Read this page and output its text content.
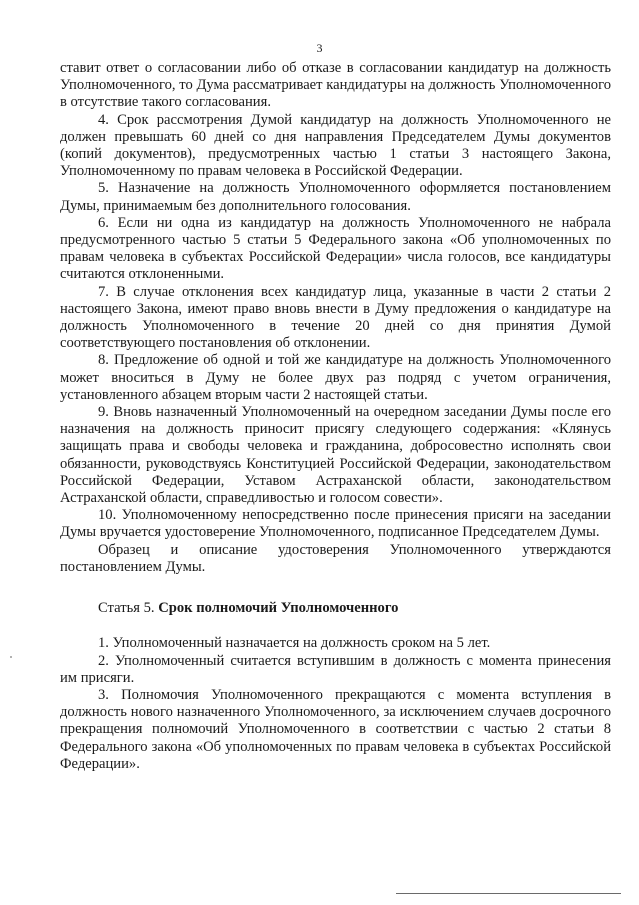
3

ставит ответ о согласовании либо об отказе в согласовании кандидатур на должность Уполномоченного, то Дума рассматривает кандидатуры на должность Уполномоченного в отсутствие такого согласования.

4. Срок рассмотрения Думой кандидатур на должность Уполномоченного не должен превышать 60 дней со дня направления Председателем Думы документов (копий документов), предусмотренных частью 1 статьи 3 настоящего Закона, Уполномоченному по правам человека в Российской Федерации.

5. Назначение на должность Уполномоченного оформляется постановлением Думы, принимаемым без дополнительного голосования.

6. Если ни одна из кандидатур на должность Уполномоченного не набрала предусмотренного частью 5 статьи 5 Федерального закона «Об уполномоченных по правам человека в субъектах Российской Федерации» числа голосов, все кандидатуры считаются отклоненными.

7. В случае отклонения всех кандидатур лица, указанные в части 2 статьи 2 настоящего Закона, имеют право вновь внести в Думу предложения о кандидатуре на должность Уполномоченного в течение 20 дней со дня принятия Думой соответствующего постановления об отклонении.

8. Предложение об одной и той же кандидатуре на должность Уполномоченного может вноситься в Думу не более двух раз подряд с учетом ограничения, установленного абзацем вторым части 2 настоящей статьи.

9. Вновь назначенный Уполномоченный на очередном заседании Думы после его назначения на должность приносит присягу следующего содержания: «Клянусь защищать права и свободы человека и гражданина, добросовестно исполнять свои обязанности, руководствуясь Конституцией Российской Федерации, законодательством Российской Федерации, Уставом Астраханской области, законодательством Астраханской области, справедливостью и голосом совести».

10. Уполномоченному непосредственно после принесения присяги на заседании Думы вручается удостоверение Уполномоченного, подписанное Председателем Думы.

Образец и описание удостоверения Уполномоченного утверждаются постановлением Думы.

Статья 5. Срок полномочий Уполномоченного

1. Уполномоченный назначается на должность сроком на 5 лет.

2. Уполномоченный считается вступившим в должность с момента принесения им присяги.

3. Полномочия Уполномоченного прекращаются с момента вступления в должность нового назначенного Уполномоченного, за исключением случаев досрочного прекращения полномочий Уполномоченного в соответствии с частью 2 статьи 8 Федерального закона «Об уполномоченных по правам человека в субъектах Российской Федерации».
